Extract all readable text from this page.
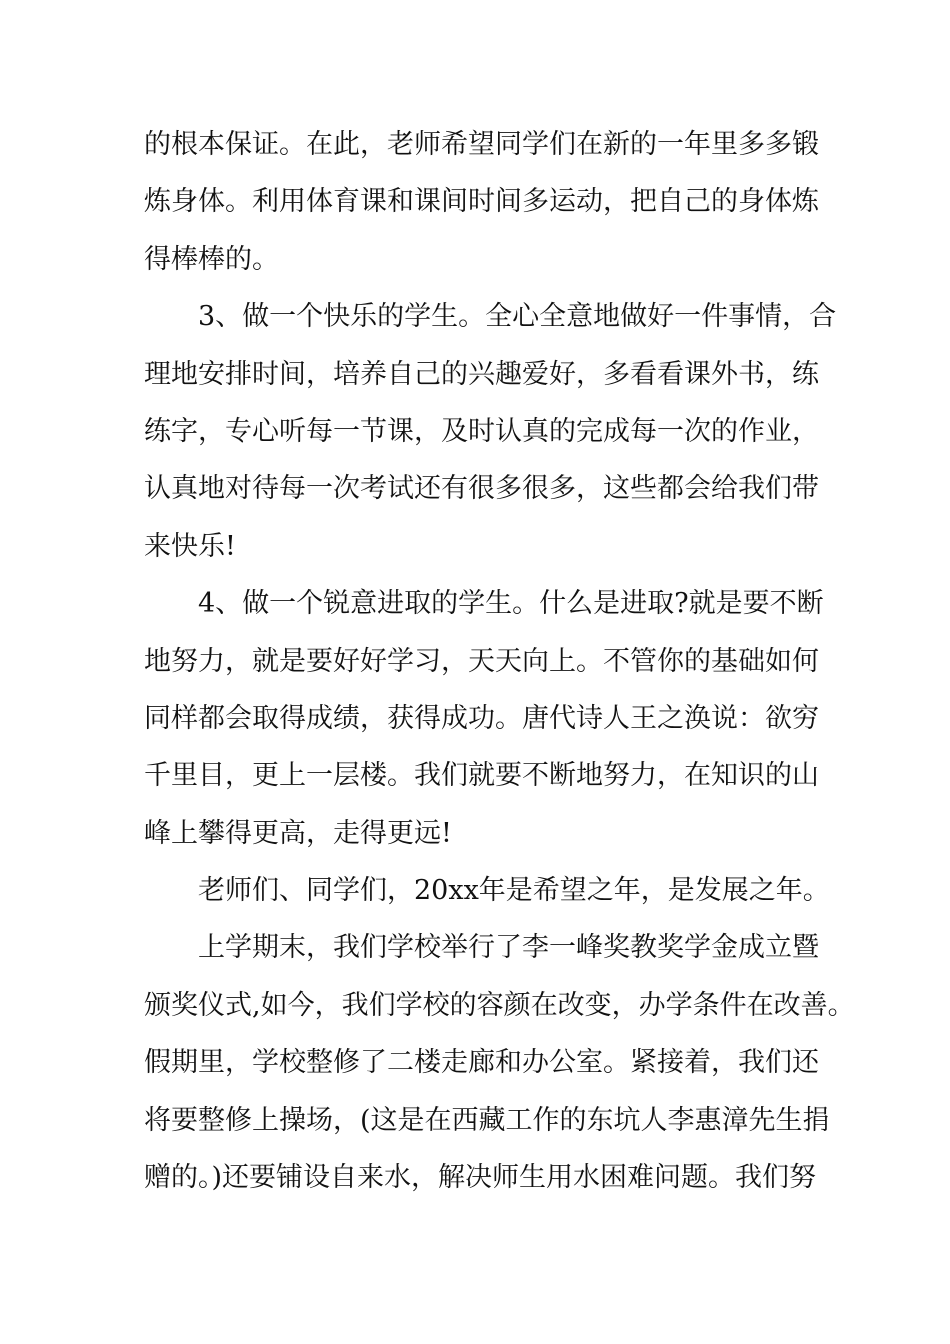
的根本保证。在此，老师希望同学们在新的一年里多多锻
炼身体。利用体育课和课间时间多运动，把自己的身体炼
得棒棒的。
3、做一个快乐的学生。全心全意地做好一件事情，合
理地安排时间，培养自己的兴趣爱好，多看看课外书，练
练字，专心听每一节课，及时认真的完成每一次的作业，
认真地对待每一次考试还有很多很多，这些都会给我们带
来快乐!
4、做一个锐意进取的学生。什么是进取?就是要不断
地努力，就是要好好学习，天天向上。不管你的基础如何
同样都会取得成绩，获得成功。唐代诗人王之涣说：欲穷
千里目，更上一层楼。我们就要不断地努力，在知识的山
峰上攀得更高，走得更远!
老师们、同学们，20xx年是希望之年，是发展之年。
上学期末，我们学校举行了李一峰奖教奖学金成立暨
颁奖仪式,如今，我们学校的容颜在改变，办学条件在改善。
假期里，学校整修了二楼走廊和办公室。紧接着，我们还
将要整修上操场，(这是在西藏工作的东坑人李惠漳先生捐
赠的。)还要铺设自来水，解决师生用水困难问题。我们努
